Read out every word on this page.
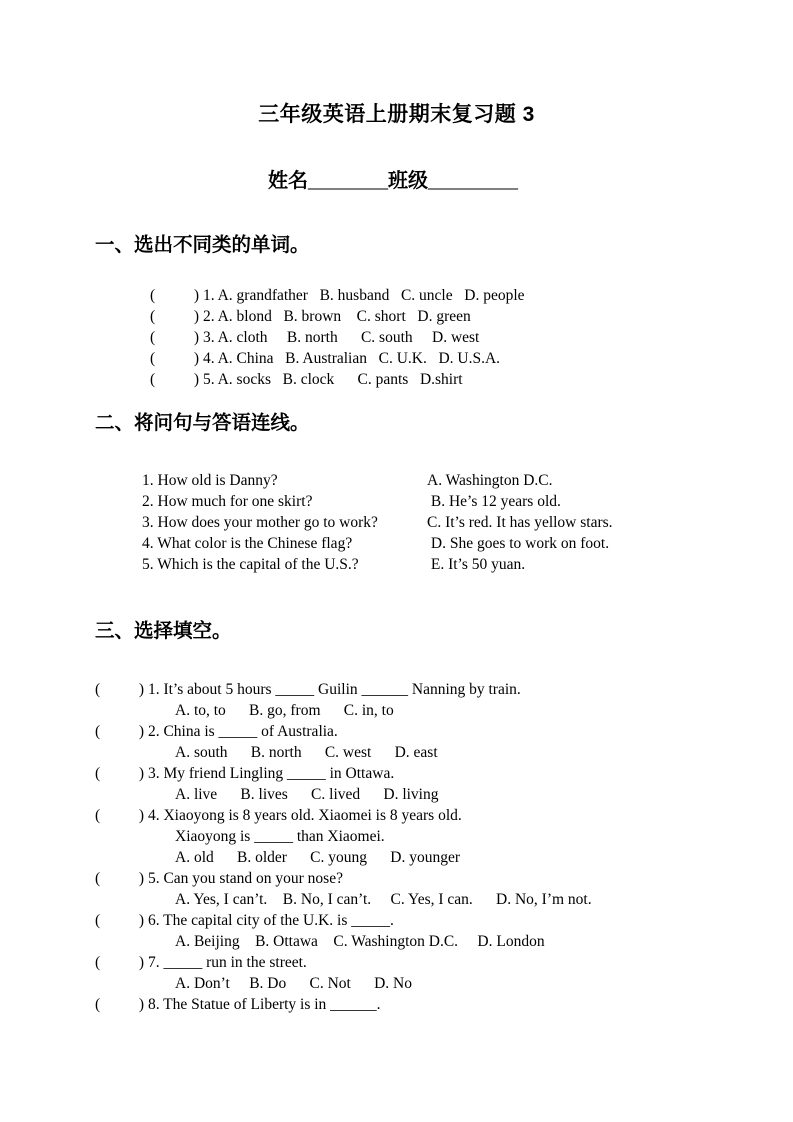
三年级英语上册期末复习题 3
姓名________班级_________
一、选出不同类的单词。
(          ) 1. A. grandfather   B. husband   C. uncle   D. people
(          ) 2. A. blond   B. brown    C. short   D. green
(          ) 3. A. cloth     B. north      C. south     D. west
(          ) 4. A. China   B. Australian   C. U.K.   D. U.S.A.
(          ) 5. A. socks   B. clock      C. pants   D.shirt
二、将问句与答语连线。
1. How old is Danny?
2. How much for one skirt?
3. How does your mother go to work?
4. What color is the Chinese flag?
5. Which is the capital of the U.S.?
A. Washington D.C.
B. He’s 12 years old.
C. It’s red. It has yellow stars.
D. She goes to work on foot.
E. It’s 50 yuan.
三、选择填空。
(          ) 1. It’s about 5 hours _____ Guilin ______ Nanning by train.
A. to, to      B. go, from      C. in, to
(          ) 2. China is _____ of Australia.
A. south      B. north      C. west      D. east
(          ) 3. My friend Lingling _____ in Ottawa.
A. live      B. lives      C. lived      D. living
(          ) 4. Xiaoyong is 8 years old. Xiaomei is 8 years old.
Xiaoyong is _____ than Xiaomei.
A. old      B. older      C. young      D. younger
(          ) 5. Can you stand on your nose?
A. Yes, I can’t.    B. No, I can’t.     C. Yes, I can.      D. No, I’m not.
(          ) 6. The capital city of the U.K. is _____.
A. Beijing    B. Ottawa    C. Washington D.C.     D. London
(          ) 7. _____ run in the street.
A. Don’t     B. Do      C. Not      D. No
(          ) 8. The Statue of Liberty is in ______.
